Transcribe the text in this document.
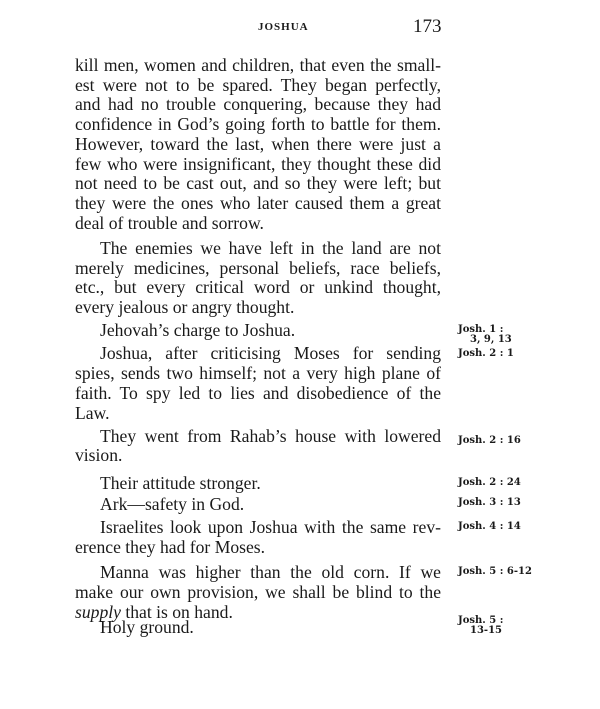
JOSHUA	173
kill men, women and children, that even the small-
est were not to be spared. They began perfectly,
and had no trouble conquering, because they had
confidence in God’s going forth to battle for them.
However, toward the last, when there were just a
few who were insignificant, they thought these did
not need to be cast out, and so they were left; but
they were the ones who later caused them a great
deal of trouble and sorrow.
The enemies we have left in the land are not
merely medicines, personal beliefs, race beliefs,
etc., but every critical word or unkind thought,
every jealous or angry thought.
Jehovah’s charge to Joshua.
Joshua, after criticising Moses for sending
spies, sends two himself; not a very high plane of
faith. To spy led to lies and disobedience of the
Law.
They went from Rahab’s house with lowered
vision.
Their attitude stronger.
Ark—safety in God.
Israelites look upon Joshua with the same rev-
erence they had for Moses.
Manna was higher than the old corn. If we
make our own provision, we shall be blind to the
supply that is on hand.
Holy ground.
Josh. 1 :
3, 9, 13
Josh. 2 : 1
Josh. 2 : 16
Josh. 2 : 24
Josh. 3 : 13
Josh. 4 : 14
Josh. 5 : 6-12
Josh. 5 :
13-15
